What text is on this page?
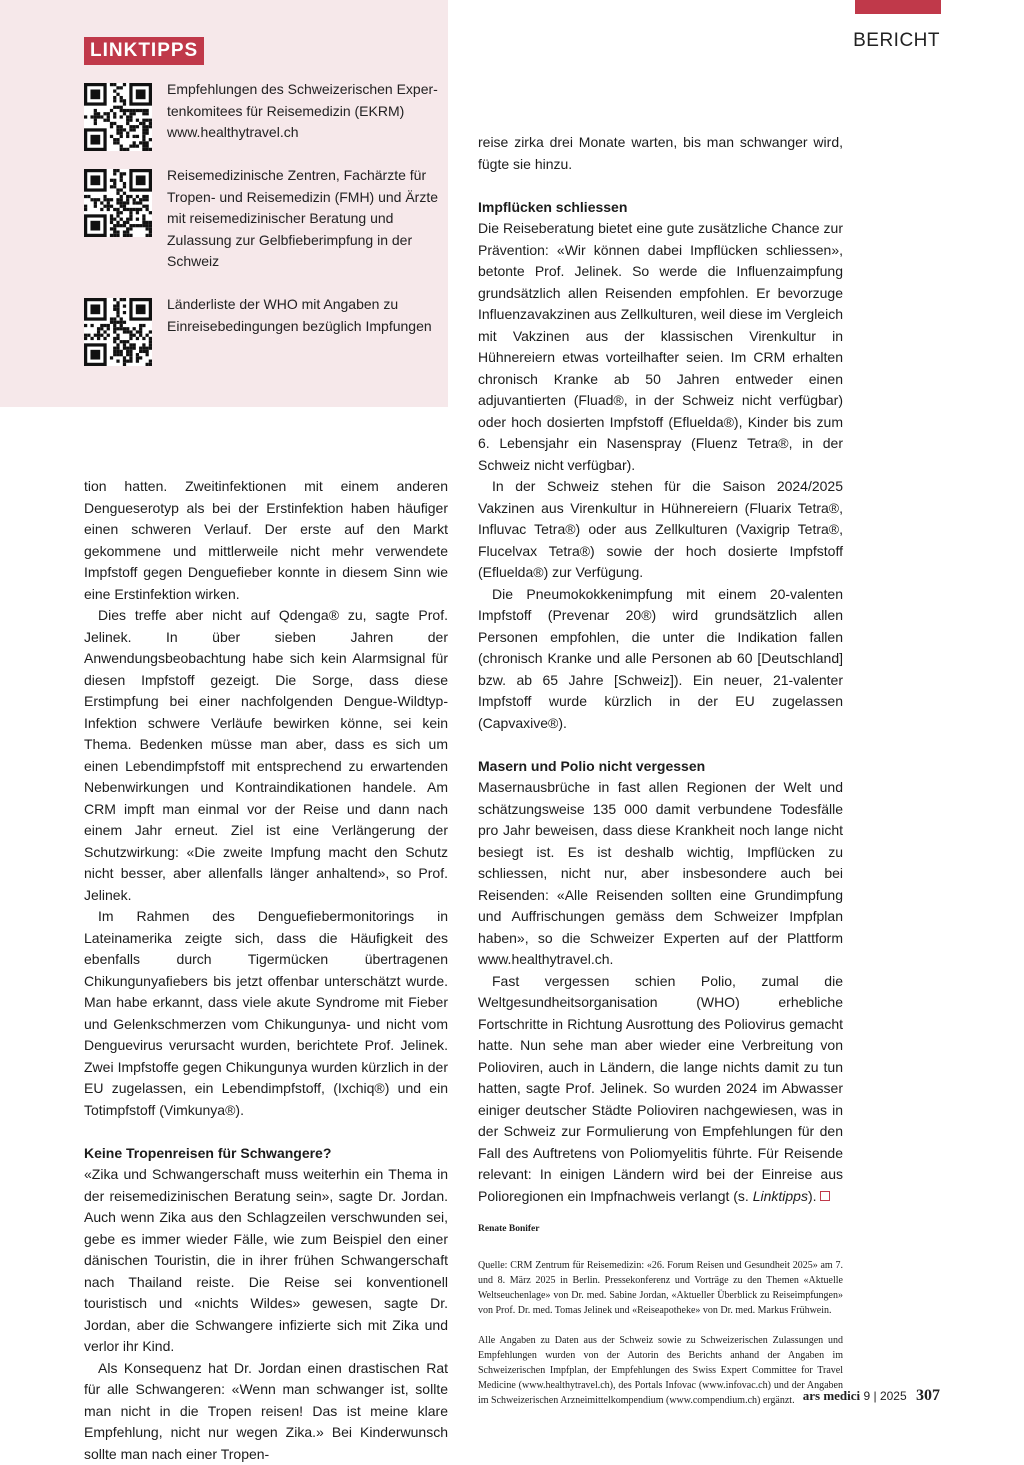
BERICHT
LINKTIPPS
Empfehlungen des Schweizerischen Expertenkomitees für Reisemedizin (EKRM) www.healthytravel.ch
Reisemedizinische Zentren, Fachärzte für Tropen- und Reisemedizin (FMH) und Ärzte mit reisemedizinischer Beratung und Zulassung zur Gelbfieberimpfung in der Schweiz
Länderliste der WHO mit Angaben zu Einreisebedingungen bezüglich Impfungen

tion hatten. Zweitinfektionen mit einem anderen Dengueserotyp als bei der Erstinfektion haben häufiger einen schweren Verlauf. Der erste auf den Markt gekommene und mittlerweile nicht mehr verwendete Impfstoff gegen Denguefieber konnte in diesem Sinn wie eine Erstinfektion wirken.

Dies treffe aber nicht auf Qdenga® zu, sagte Prof. Jelinek. In über sieben Jahren der Anwendungsbeobachtung habe sich kein Alarmsignal für diesen Impfstoff gezeigt. Die Sorge, dass diese Erstimpfung bei einer nachfolgenden Dengue-Wildtyp-Infektion schwere Verläufe bewirken könne, sei kein Thema. Bedenken müsse man aber, dass es sich um einen Lebendimpfstoff mit entsprechend zu erwartenden Nebenwirkungen und Kontraindikationen handele. Am CRM impft man einmal vor der Reise und dann nach einem Jahr erneut. Ziel ist eine Verlängerung der Schutzwirkung: «Die zweite Impfung macht den Schutz nicht besser, aber allenfalls länger anhaltend», so Prof. Jelinek.

Im Rahmen des Denguefiebermonitorings in Lateinamerika zeigte sich, dass die Häufigkeit des ebenfalls durch Tigermücken übertragenen Chikungunyafiebers bis jetzt offenbar unterschätzt wurde. Man habe erkannt, dass viele akute Syndrome mit Fieber und Gelenkschmerzen vom Chikungunya- und nicht vom Denguevirus verursacht wurden, berichtete Prof. Jelinek. Zwei Impfstoffe gegen Chikungunya wurden kürzlich in der EU zugelassen, ein Lebendimpfstoff, (Ixchiq®) und ein Totimpfstoff (Vimkunya®).

Keine Tropenreisen für Schwangere?

«Zika und Schwangerschaft muss weiterhin ein Thema in der reisemedizinischen Beratung sein», sagte Dr. Jordan. Auch wenn Zika aus den Schlagzeilen verschwunden sei, gebe es immer wieder Fälle, wie zum Beispiel den einer dänischen Touristin, die in ihrer frühen Schwangerschaft nach Thailand reiste. Die Reise sei konventionell touristisch und «nichts Wildes» gewesen, sagte Dr. Jordan, aber die Schwangere infizierte sich mit Zika und verlor ihr Kind.

Als Konsequenz hat Dr. Jordan einen drastischen Rat für alle Schwangeren: «Wenn man schwanger ist, sollte man nicht in die Tropen reisen! Das ist meine klare Empfehlung, nicht nur wegen Zika.» Bei Kinderwunsch sollte man nach einer Tropen-

reise zirka drei Monate warten, bis man schwanger wird, fügte sie hinzu.

Impflücken schliessen

Die Reiseberatung bietet eine gute zusätzliche Chance zur Prävention: «Wir können dabei Impflücken schliessen», betonte Prof. Jelinek. So werde die Influenzaimpfung grundsätzlich allen Reisenden empfohlen. Er bevorzuge Influenzavakzinen aus Zellkulturen, weil diese im Vergleich mit Vakzinen aus der klassischen Virenkultur in Hühnereiern etwas vorteilhafter seien. Im CRM erhalten chronisch Kranke ab 50 Jahren entweder einen adjuvantierten (Fluad®, in der Schweiz nicht verfügbar) oder hoch dosierten Impfstoff (Efluelda®), Kinder bis zum 6. Lebensjahr ein Nasenspray (Fluenz Tetra®, in der Schweiz nicht verfügbar).

In der Schweiz stehen für die Saison 2024/2025 Vakzinen aus Virenkultur in Hühnereiern (Fluarix Tetra®, Influvac Tetra®) oder aus Zellkulturen (Vaxigrip Tetra®, Flucelvax Tetra®) sowie der hoch dosierte Impfstoff (Efluelda®) zur Verfügung.

Die Pneumokokkenimpfung mit einem 20-valenten Impfstoff (Prevenar 20®) wird grundsätzlich allen Personen empfohlen, die unter die Indikation fallen (chronisch Kranke und alle Personen ab 60 [Deutschland] bzw. ab 65 Jahre [Schweiz]). Ein neuer, 21-valenter Impfstoff wurde kürzlich in der EU zugelassen (Capvaxive®).

Masern und Polio nicht vergessen

Masernausbrüche in fast allen Regionen der Welt und schätzungsweise 135 000 damit verbundene Todesfälle pro Jahr beweisen, dass diese Krankheit noch lange nicht besiegt ist. Es ist deshalb wichtig, Impflücken zu schliessen, nicht nur, aber insbesondere auch bei Reisenden: «Alle Reisenden sollten eine Grundimpfung und Auffrischungen gemäss dem Schweizer Impfplan haben», so die Schweizer Experten auf der Plattform www.healthytravel.ch.

Fast vergessen schien Polio, zumal die Weltgesundheitsorganisation (WHO) erhebliche Fortschritte in Richtung Ausrottung des Poliovirus gemacht hatte. Nun sehe man aber wieder eine Verbreitung von Polioviren, auch in Ländern, die lange nichts damit zu tun hatten, sagte Prof. Jelinek. So wurden 2024 im Abwasser einiger deutscher Städte Polioviren nachgewiesen, was in der Schweiz zur Formulierung von Empfehlungen für den Fall des Auftretens von Poliomyelitis führte. Für Reisende relevant: In einigen Ländern wird bei der Einreise aus Polioregionen ein Impfnachweis verlangt (s. Linktipps).

Renate Bonifer

Quelle: CRM Zentrum für Reisemedizin: «26. Forum Reisen und Gesundheit 2025» am 7. und 8. März 2025 in Berlin. Pressekonferenz und Vorträge zu den Themen «Aktuelle Weltseuchenlage» von Dr. med. Sabine Jordan, «Aktueller Überblick zu Reiseimpfungen» von Prof. Dr. med. Tomas Jelinek und «Reiseapotheke» von Dr. med. Markus Frühwein.

Alle Angaben zu Daten aus der Schweiz sowie zu Schweizerischen Zulassungen und Empfehlungen wurden von der Autorin des Berichts anhand der Angaben im Schweizerischen Impfplan, der Empfehlungen des Swiss Expert Committee for Travel Medicine (www.healthytravel.ch), des Portals Infovac (www.infovac.ch) und der Angaben im Schweizerischen Arzneimittelkompendium (www.compendium.ch) ergänzt. ars medici 9 | 2025 307
